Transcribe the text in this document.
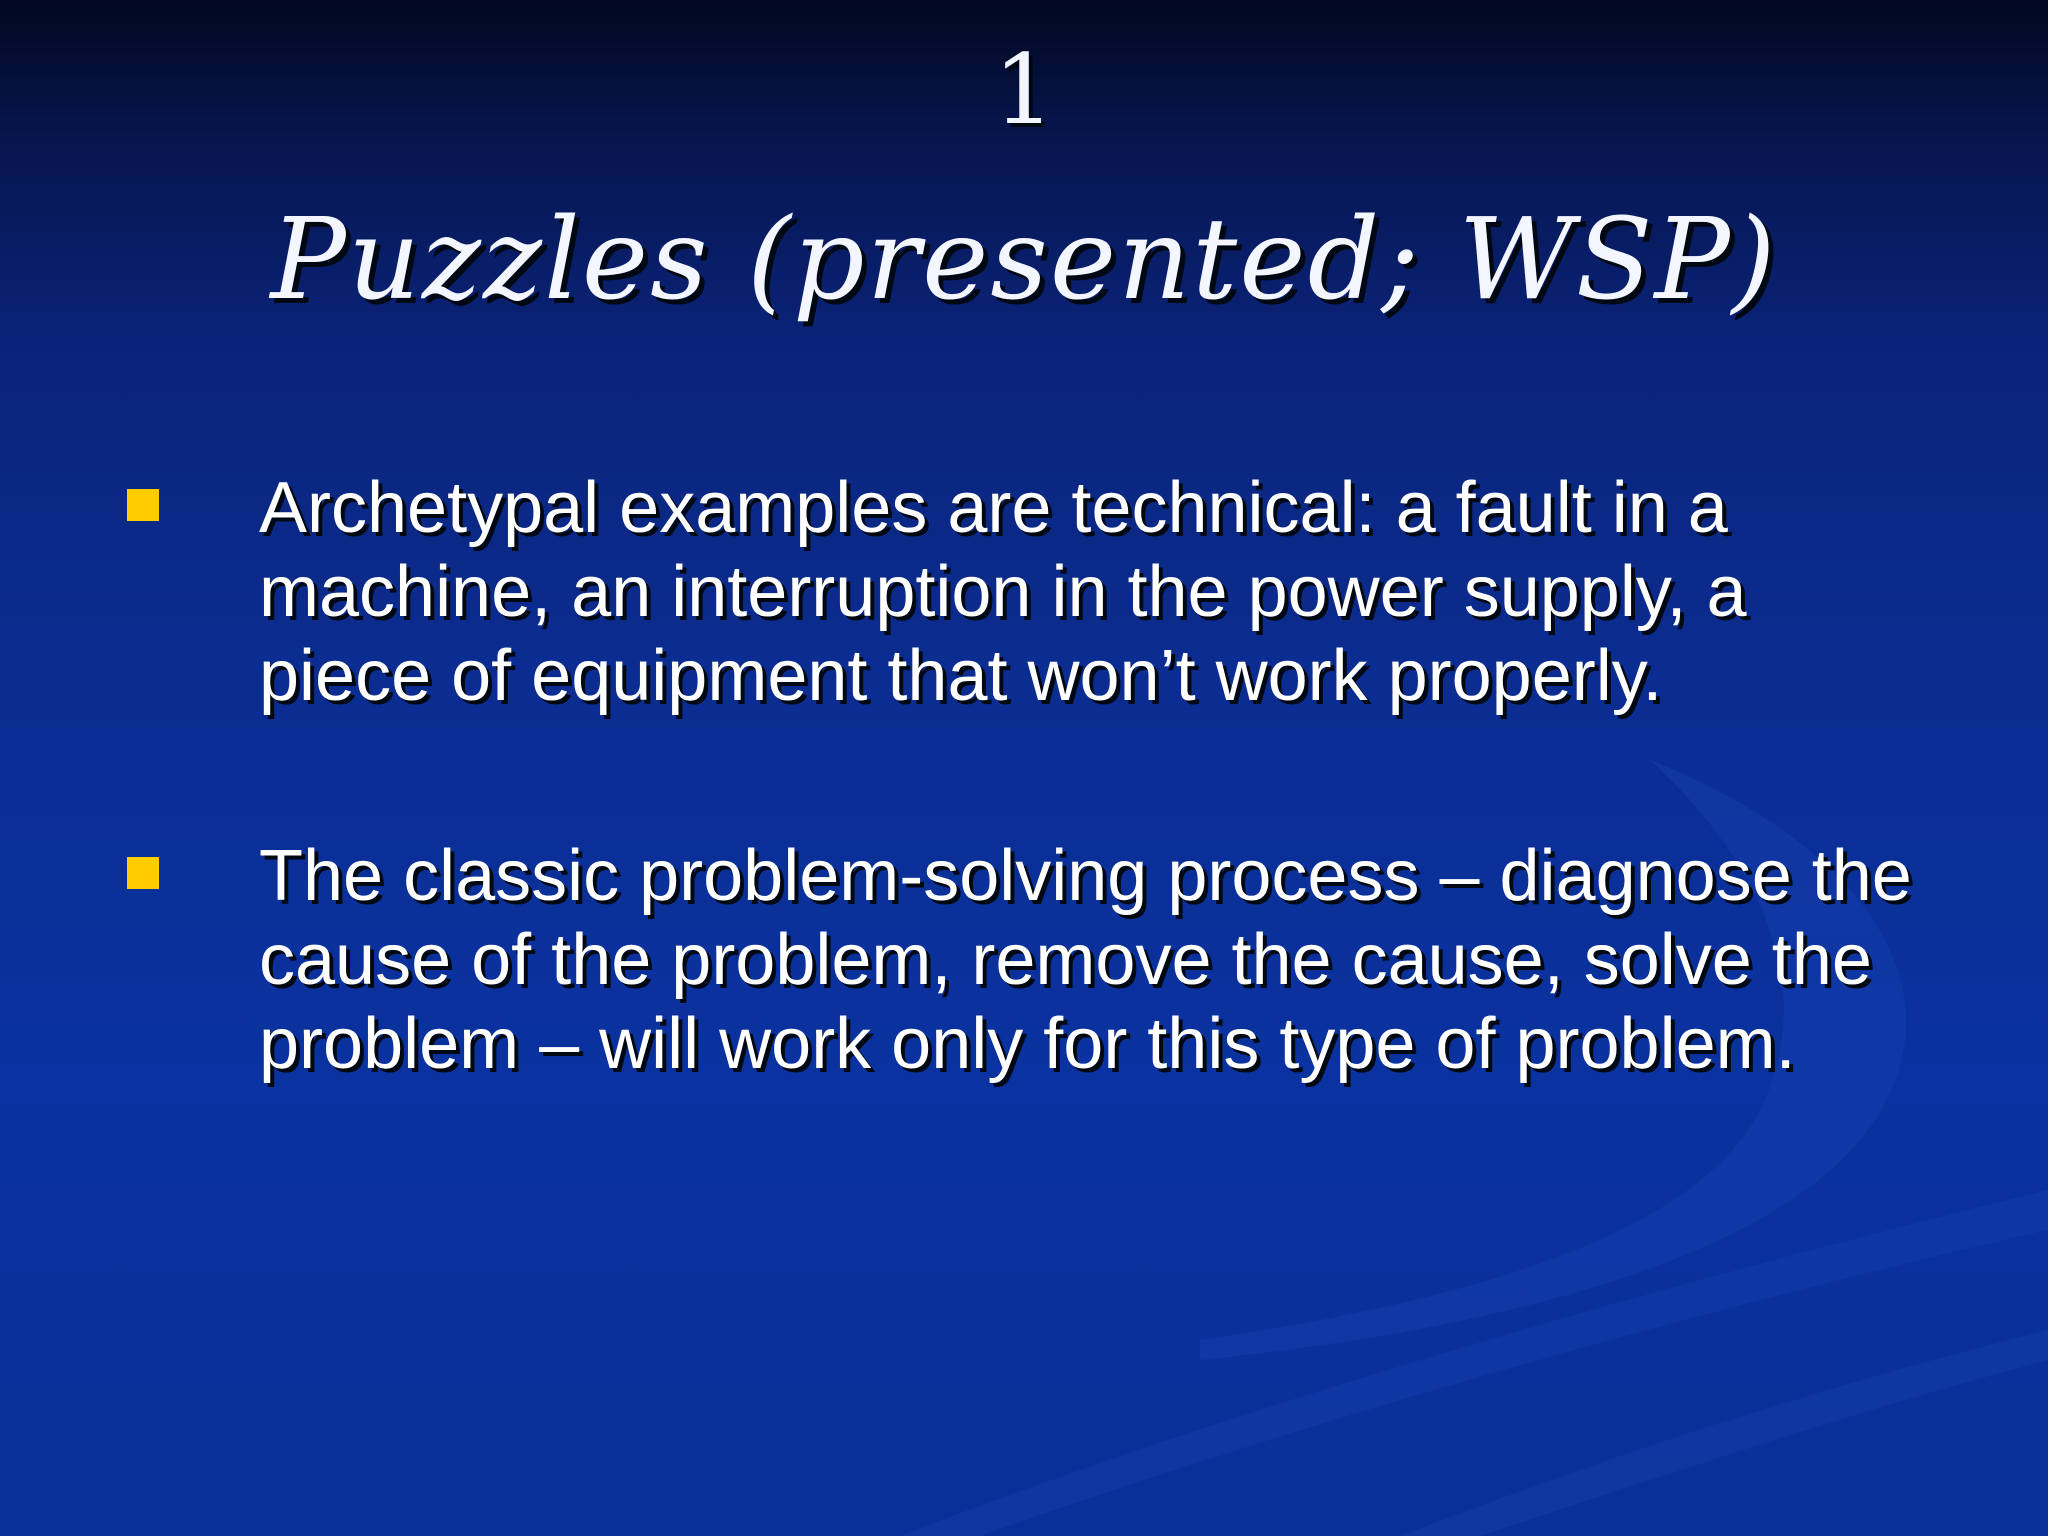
1
Puzzles (presented; WSP)
Archetypal examples are technical: a fault in a machine, an interruption in the power supply, a piece of equipment that won’t work properly.
The classic problem-solving process – diagnose the cause of the problem, remove the cause, solve the problem – will work only for this type of problem.
